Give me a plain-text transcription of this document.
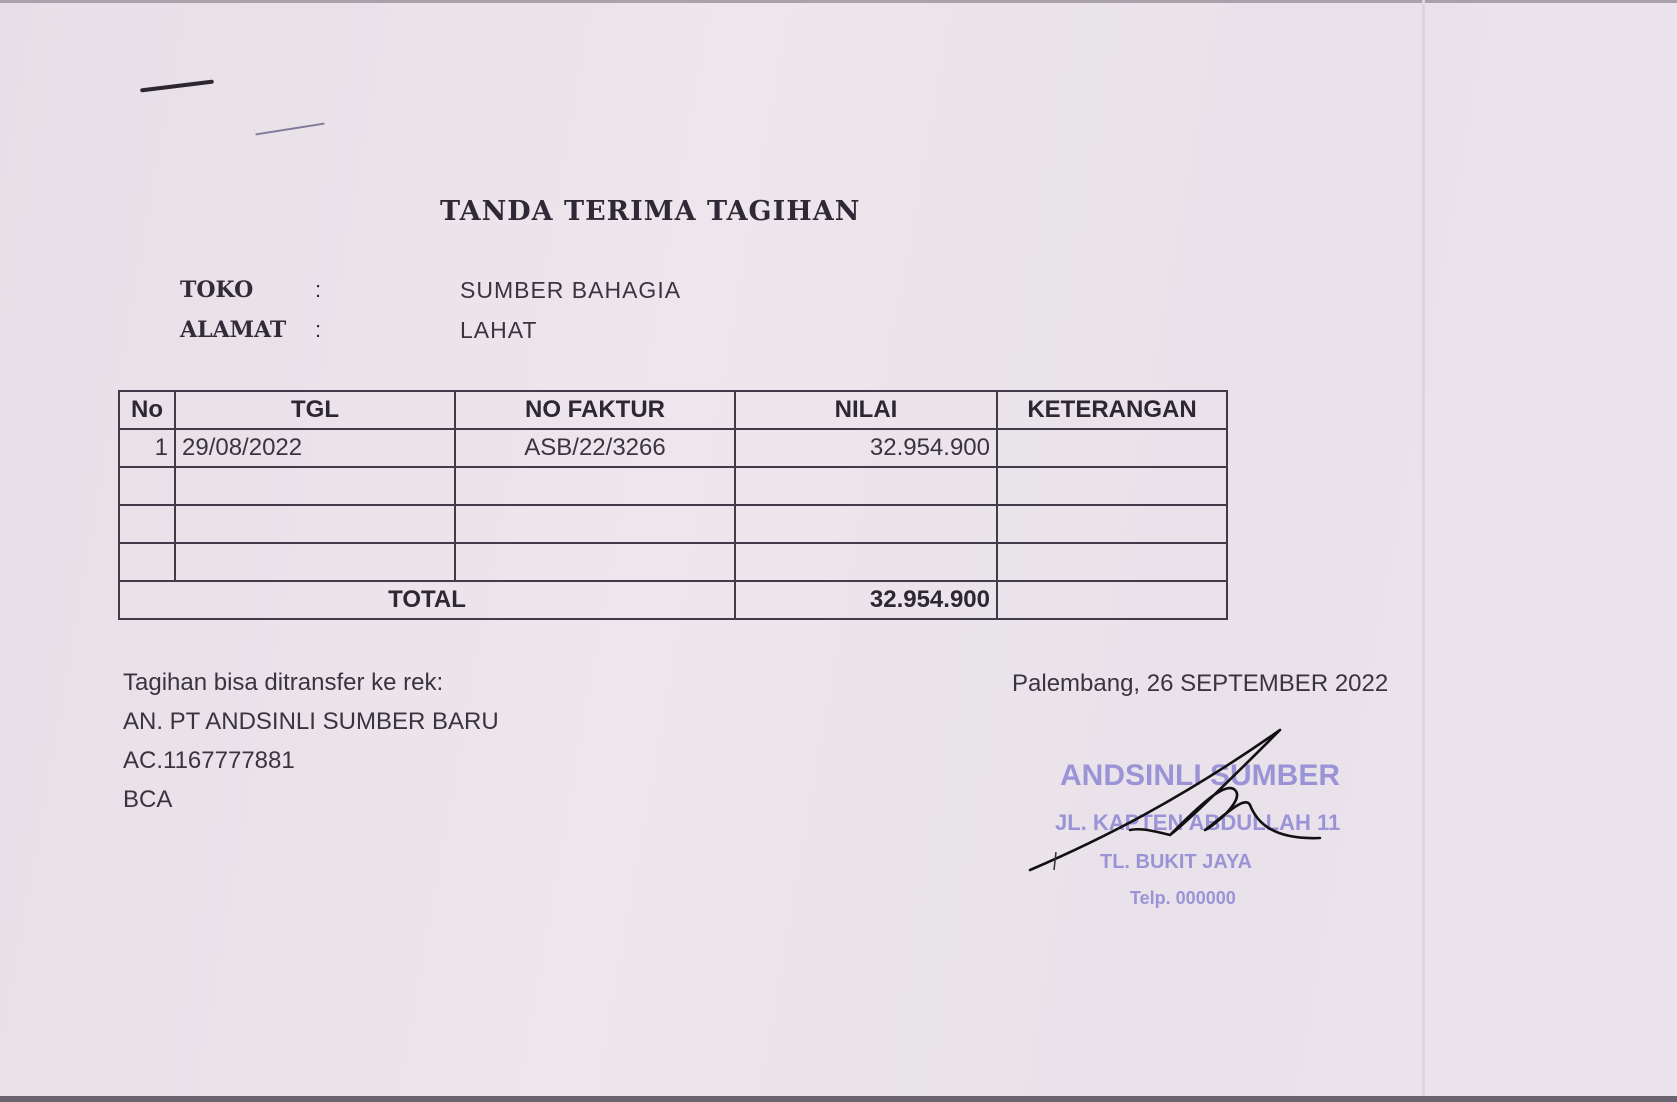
TANDA TERIMA TAGIHAN
TOKO	:	SUMBER BAHAGIA
ALAMAT :	LAHAT
No	TGL	NO FAKTUR	NILAI	KETERANGAN
1	29/08/2022	ASB/22/3266	32.954.900	

TOTAL			32.954.900	
Tagihan bisa ditransfer ke rek:
AN. PT ANDSINLI SUMBER BARU
AC.1167777881
BCA
Palembang, 26 SEPTEMBER 2022
ANDSINLI SUMBER
JL. KAPTEN ABDULLAH 11
TL. BUKIT JAYA
Telp. 000000
